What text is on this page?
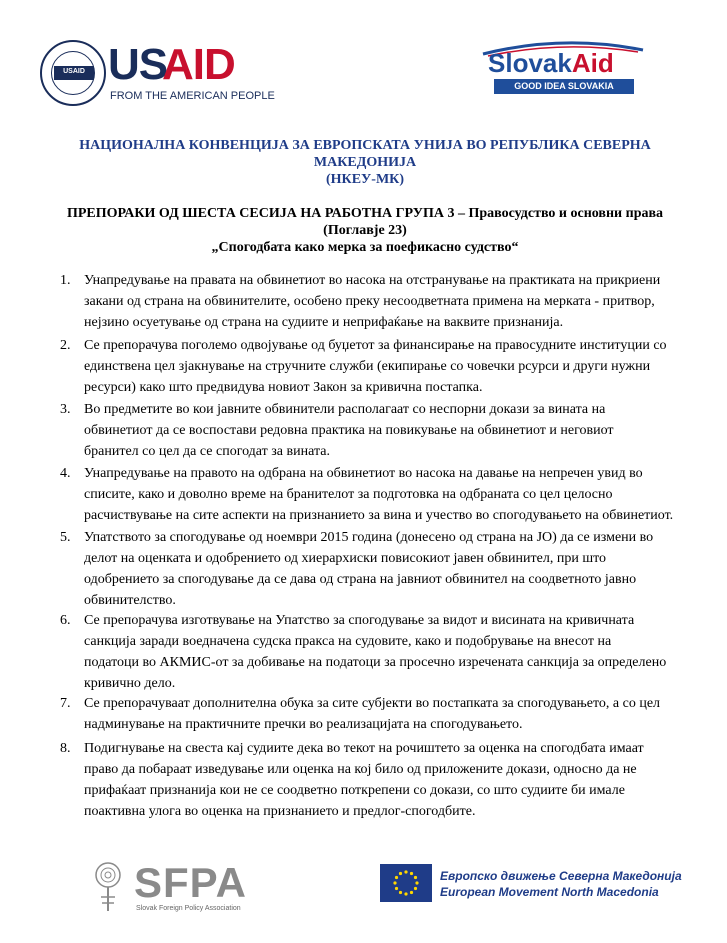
USAID US
AID
FROM THE AMERICAN PEOPLE
SlovakAid
GOOD IDEA SLOVAKIA
НАЦИОНАЛНА КОНВЕНЦИЈА ЗА ЕВРОПСКАТА УНИЈА ВО РЕПУБЛИКА СЕВЕРНА
МАКЕДОНИЈА
(НКЕУ-МК)
ПРЕПОРАКИ ОД ШЕСТА СЕСИЈА НА РАБОТНА ГРУПА 3 – Правосудство и основни права
(Поглавје 23)
„Спогодбата како мерка за поефикасно судство“
1. Унапредување на правата на обвинетиот во насока на отстранување на практиката на прикриени
закани од страна на обвинителите, особено преку несоодветната примена на мерката - притвор,
нејзино осуетување од страна на судиите и неприфаќање на ваквите признанија.
2. Се препорачува поголемо одвојување од буџетот за финансирање на правосудните институции со
единствена цел зјакнување на стручните служби (екипирање со човечки рсурси и други нужни
ресурси) како што предвидува новиот Закон за кривична постапка.
3. Во предметите во кои јавните обвинители располагаат со неспорни докази за вината на
обвинетиот да се воспостави редовна практика на повикување на обвинетиот и неговиот
бранител со цел да се спогодат за вината.
4. Унапредување на правото на одбрана на обвинетиот во насока на давање на непречен увид во
списите, како и доволно време на бранителот за подготовка на одбраната со цел целосно
расчиствување на сите аспекти на признанието за вина и учество во спогодувањето на обвинетиот.
5. Упатството за спогодување од ноември 2015 година (донесено од страна на ЈО) да се измени во
делот на оценката и одобрението од хиерархиски повисокиот јавен обвинител, при што
одобрението за спогодување да се дава од страна на јавниот обвинител на соодветното јавно
обвинителство.
6. Се препорачува изготвување на Упатство за спогодување за видот и висината на кривичната
санкција заради воедначена судска пракса на судовите, како и подобрување на внесот на
податоци во АКМИС-от за добивање на податоци за просечно изречената санкција за определено
кривично дело.
7. Се препорачуваат дополнителна обука за сите субјекти во постапката за спогодувањето, а со цел
надминување на практичните пречки во реализацијата на спогодувањето.
8. Подигнување на свеста кај судиите дека во текот на рочиштето за оценка на спогодбата имаат
право да побараат изведување или оценка на кој било од приложените докази, односно да не
прифаќаат признанија кои не се соодветно поткрепени со докази, со што судиите би имале
поактивна улога во оценка на признанието и предлог-спогодбите.
SFPA
Slovak Foreign Policy Association
Европско движење Северна Македонија
European Movement North Macedonia
